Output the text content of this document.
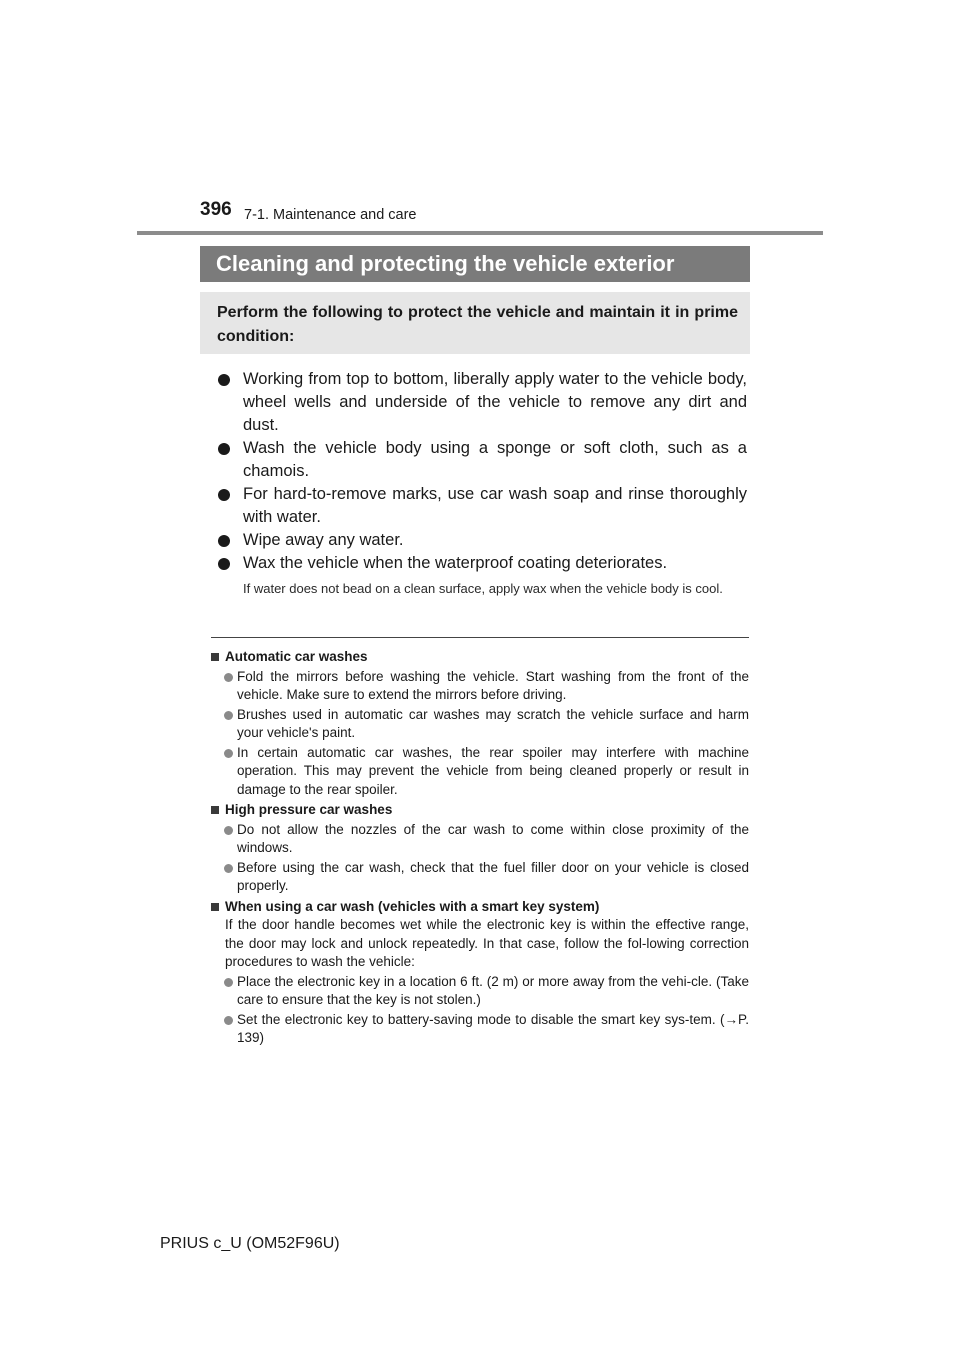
396 7-1. Maintenance and care
Cleaning and protecting the vehicle exterior
Perform the following to protect the vehicle and maintain it in prime condition:
Working from top to bottom, liberally apply water to the vehicle body, wheel wells and underside of the vehicle to remove any dirt and dust.
Wash the vehicle body using a sponge or soft cloth, such as a chamois.
For hard-to-remove marks, use car wash soap and rinse thoroughly with water.
Wipe away any water.
Wax the vehicle when the waterproof coating deteriorates.
If water does not bead on a clean surface, apply wax when the vehicle body is cool.
Automatic car washes
Fold the mirrors before washing the vehicle. Start washing from the front of the vehicle. Make sure to extend the mirrors before driving.
Brushes used in automatic car washes may scratch the vehicle surface and harm your vehicle's paint.
In certain automatic car washes, the rear spoiler may interfere with machine operation. This may prevent the vehicle from being cleaned properly or result in damage to the rear spoiler.
High pressure car washes
Do not allow the nozzles of the car wash to come within close proximity of the windows.
Before using the car wash, check that the fuel filler door on your vehicle is closed properly.
When using a car wash (vehicles with a smart key system)
If the door handle becomes wet while the electronic key is within the effective range, the door may lock and unlock repeatedly. In that case, follow the fol-lowing correction procedures to wash the vehicle:
Place the electronic key in a location 6 ft. (2 m) or more away from the vehi-cle. (Take care to ensure that the key is not stolen.)
Set the electronic key to battery-saving mode to disable the smart key sys-tem. (→P. 139)
PRIUS c_U (OM52F96U)
